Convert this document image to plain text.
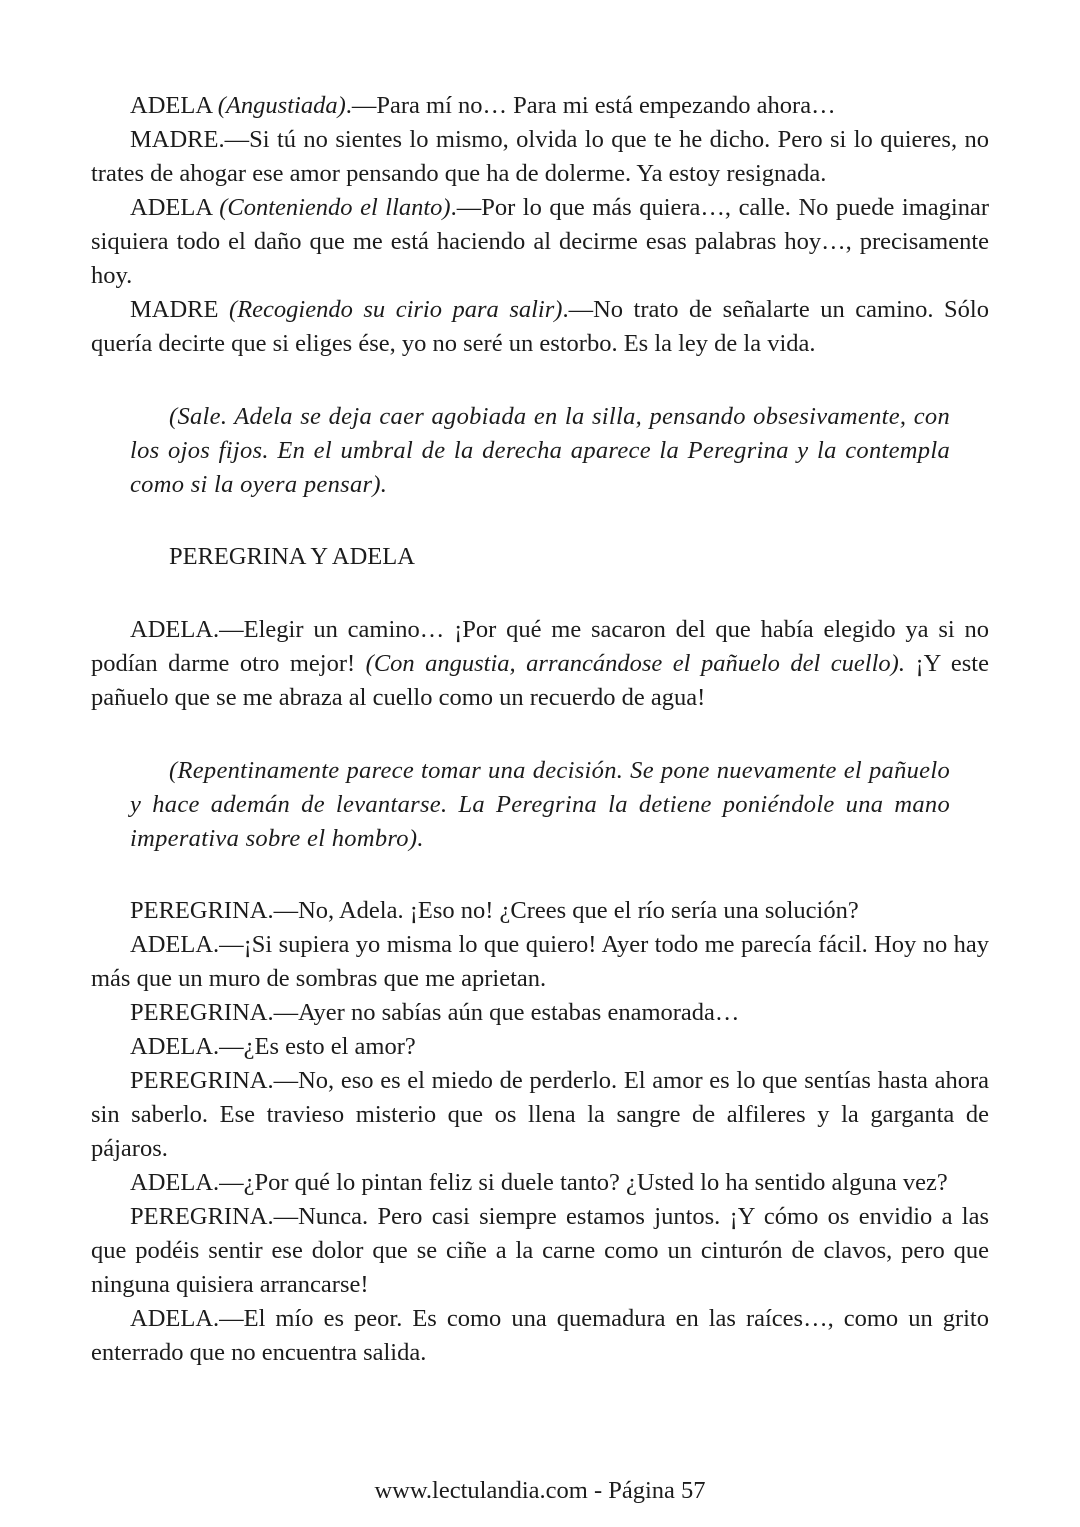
ADELA (Angustiada).—Para mí no… Para mi está empezando ahora…

MADRE.—Si tú no sientes lo mismo, olvida lo que te he dicho. Pero si lo quieres, no trates de ahogar ese amor pensando que ha de dolerme. Ya estoy resignada.

ADELA (Conteniendo el llanto).—Por lo que más quiera…, calle. No puede imaginar siquiera todo el daño que me está haciendo al decirme esas palabras hoy…, precisamente hoy.

MADRE (Recogiendo su cirio para salir).—No trato de señalarte un camino. Sólo quería decirte que si eliges ése, yo no seré un estorbo. Es la ley de la vida.

(Sale. Adela se deja caer agobiada en la silla, pensando obsesivamente, con los ojos fijos. En el umbral de la derecha aparece la Peregrina y la contempla como si la oyera pensar).

PEREGRINA Y ADELA

ADELA.—Elegir un camino… ¡Por qué me sacaron del que había elegido ya si no podían darme otro mejor! (Con angustia, arrancándose el pañuelo del cuello). ¡Y este pañuelo que se me abraza al cuello como un recuerdo de agua!

(Repentinamente parece tomar una decisión. Se pone nuevamente el pañuelo y hace ademán de levantarse. La Peregrina la detiene poniéndole una mano imperativa sobre el hombro).

PEREGRINA.—No, Adela. ¡Eso no! ¿Crees que el río sería una solución?

ADELA.—¡Si supiera yo misma lo que quiero! Ayer todo me parecía fácil. Hoy no hay más que un muro de sombras que me aprietan.

PEREGRINA.—Ayer no sabías aún que estabas enamorada…

ADELA.—¿Es esto el amor?

PEREGRINA.—No, eso es el miedo de perderlo. El amor es lo que sentías hasta ahora sin saberlo. Ese travieso misterio que os llena la sangre de alfileres y la garganta de pájaros.

ADELA.—¿Por qué lo pintan feliz si duele tanto? ¿Usted lo ha sentido alguna vez?

PEREGRINA.—Nunca. Pero casi siempre estamos juntos. ¡Y cómo os envidio a las que podéis sentir ese dolor que se ciñe a la carne como un cinturón de clavos, pero que ninguna quisiera arrancarse!

ADELA.—El mío es peor. Es como una quemadura en las raíces…, como un grito enterrado que no encuentra salida.

www.lectulandia.com - Página 57
